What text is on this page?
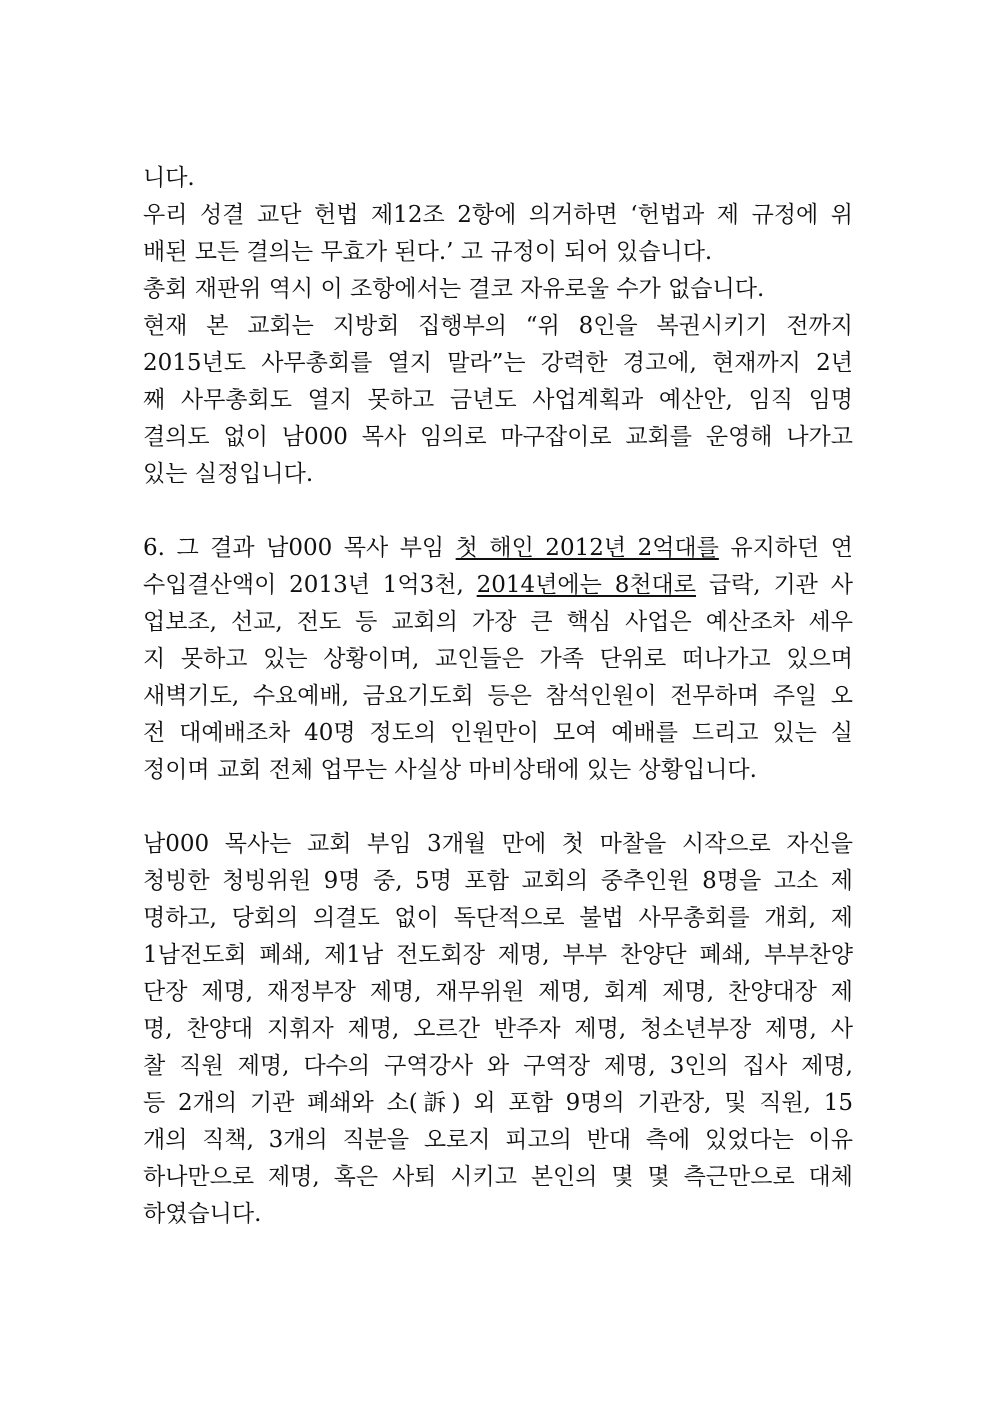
니다.
우리 성결 교단 헌법 제12조 2항에 의거하면 ‘헌법과 제 규정에 위
배된 모든 결의는 무효가 된다.’ 고 규정이 되어 있습니다.
총회 재판위 역시 이 조항에서는 결코 자유로울 수가 없습니다.
현재 본 교회는 지방회 집행부의 “위 8인을 복권시키기 전까지
2015년도 사무총회를 열지 말라”는 강력한 경고에, 현재까지 2년
째 사무총회도 열지 못하고 금년도 사업계획과 예산안, 임직 임명
결의도 없이 남000 목사 임의로 마구잡이로 교회를 운영해 나가고
있는 실정입니다.
6. 그 결과 남000 목사 부임 첫 해인 2012년 2억대를 유지하던 연
수입결산액이 2013년 1억3천, 2014년에는 8천대로 급락, 기관 사
업보조, 선교, 전도 등 교회의 가장 큰 핵심 사업은 예산조차 세우
지 못하고 있는 상황이며, 교인들은 가족 단위로 떠나가고 있으며
새벽기도, 수요예배, 금요기도회 등은 참석인원이 전무하며 주일 오
전 대예배조차 40명 정도의 인원만이 모여 예배를 드리고 있는 실
정이며 교회 전체 업무는 사실상 마비상태에 있는 상황입니다.
남000 목사는 교회 부임 3개월 만에 첫 마찰을 시작으로 자신을
청빙한 청빙위원 9명 중, 5명 포함 교회의 중추인원 8명을 고소 제
명하고, 당회의 의결도 없이 독단적으로 불법 사무총회를 개회, 제
1남전도회 폐쇄, 제1남 전도회장 제명, 부부 찬양단 폐쇄, 부부찬양
단장 제명, 재정부장 제명, 재무위원 제명, 회계 제명, 찬양대장 제
명, 찬양대 지휘자 제명, 오르간 반주자 제명, 청소년부장 제명, 사
찰 직원 제명, 다수의 구역강사 와 구역장 제명, 3인의 집사 제명,
등 2개의 기관 폐쇄와 소(訴) 외 포함 9명의 기관장, 및 직원, 15
개의 직책, 3개의 직분을 오로지 피고의 반대 측에 있었다는 이유
하나만으로 제명, 혹은 사퇴 시키고 본인의 몇 몇 측근만으로 대체
하였습니다.
